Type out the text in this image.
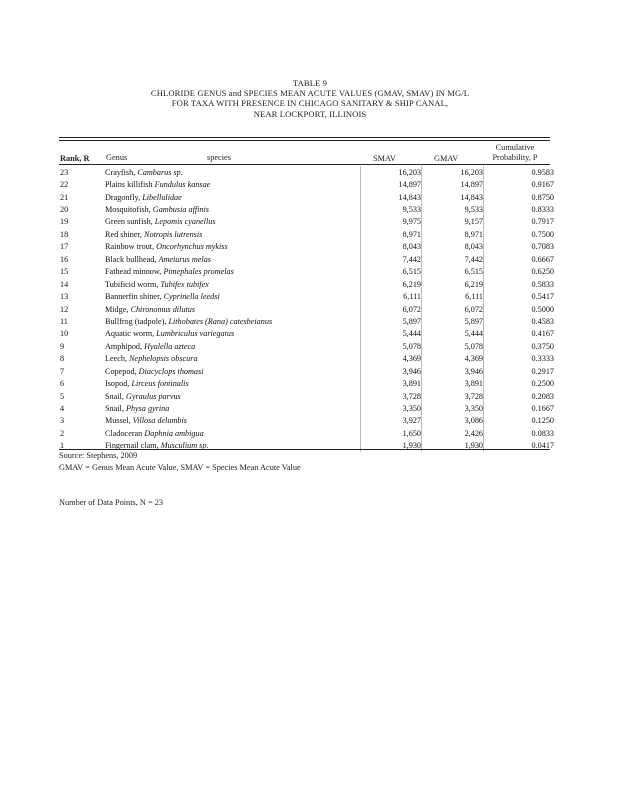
TABLE 9
CHLORIDE GENUS and SPECIES MEAN ACUTE VALUES (GMAV, SMAV) IN MG/L
FOR TAXA WITH PRESENCE IN CHICAGO SANITARY & SHIP CANAL,
NEAR LOCKPORT, ILLINOIS
Cumulative
Probability, P
Rank, R Genus	species	SMAV	GMAV
23	Crayfish, Cambarus sp.	16,203	16,203	0.9583
22	Plains killifish Fundulus kansae	14,897	14,897	0.9167
21	Dragonfly, Libellulidae	14,843	14,843	0.8750
20	Mosquitofish, Gambusia affinis	9,533	9,533	0.8333
19	Green sunfish, Lepomis cyanellus	9,975	9,157	0.7917
18	Red shiner, Notropis lutrensis	8,971	8,971	0.7500
17	Rainbow trout, Oncorhynchus mykiss	8,043	8,043	0.7083
16	Black bullhead, Ameiurus melas	7,442	7,442	0.6667
15	Fathead minnow, Pimephales promelas	6,515	6,515	0.6250
14	Tubificid worm, Tubifex tubifex	6,219	6,219	0.5833
13	Bannerfin shiner, Cyprinella leedsi	6,111	6,111	0.5417
12	Midge, Chironomus dilutus	6,072	6,072	0.5000
11	Bullfrog (tadpole), Lithobates (Rana) catesbeianus	5,897	5,897	0.4583
10	Aquatic worm, Lumbriculus variegatus	5,444	5,444	0.4167
9	Amphipod, Hyalella azteca	5,078	5,078	0.3750
8	Leech, Nephelopsis obscura	4,369	4,369	0.3333
7	Copepod, Diacyclops thomasi	3,946	3,946	0.2917
6	Isopod, Lirceus fontinalis	3,891	3,891	0.2500
5	Snail, Gyraulus parvus	3,728	3,728	0.2083
4	Snail, Physa gyrina	3,350	3,350	0.1667
3	Mussel, Villosa delumbis	3,927	3,086	0.1250
2	Cladoceran Daphnia ambigua	1,650	2,426	0.0833
1	Fingernail clam, Musculium sp.	1,930	1,930	0.0417
Source: Stephens, 2009
GMAV = Genus Mean Acute Value, SMAV = Species Mean Acute Value
Number of Data Points, N = 23
